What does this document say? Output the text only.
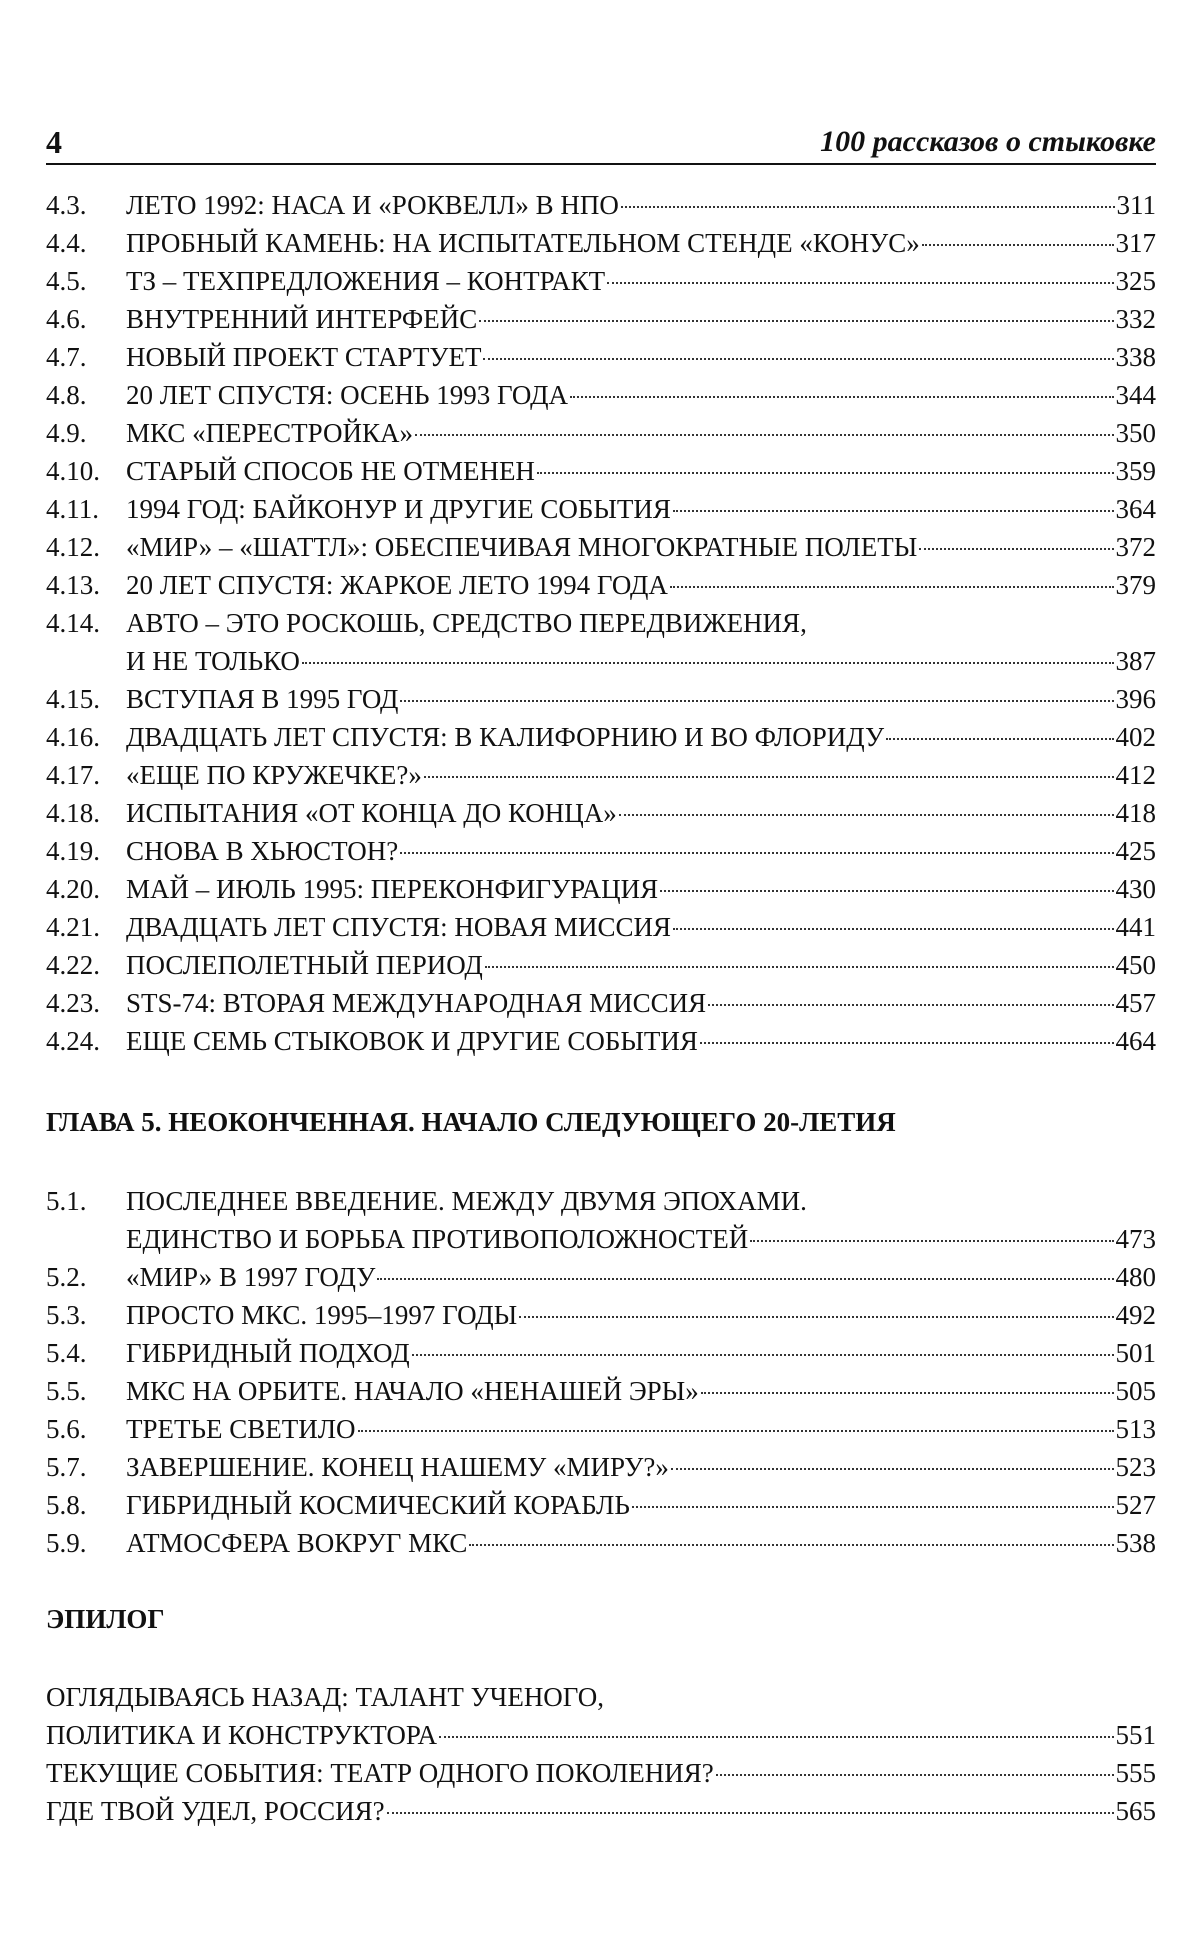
4	100 рассказов о стыковке
4.3. ЛЕТО 1992: НАСА И «РОКВЕЛЛ» В НПО	311
4.4. ПРОБНЫЙ КАМЕНЬ: НА ИСПЫТАТЕЛЬНОМ СТЕНДЕ «КОНУС»	317
4.5. ТЗ – ТЕХПРЕДЛОЖЕНИЯ – КОНТРАКТ	325
4.6. ВНУТРЕННИЙ ИНТЕРФЕЙС	332
4.7. НОВЫЙ ПРОЕКТ СТАРТУЕТ	338
4.8. 20 ЛЕТ СПУСТЯ: ОСЕНЬ 1993 ГОДА	344
4.9. МКС «ПЕРЕСТРОЙКА»	350
4.10. СТАРЫЙ СПОСОБ НЕ ОТМЕНЕН	359
4.11. 1994 ГОД: БАЙКОНУР И ДРУГИЕ СОБЫТИЯ	364
4.12. «МИР» – «ШАТТЛ»: ОБЕСПЕЧИВАЯ МНОГОКРАТНЫЕ ПОЛЕТЫ	372
4.13. 20 ЛЕТ СПУСТЯ: ЖАРКОЕ ЛЕТО 1994 ГОДА	379
4.14. АВТО – ЭТО РОСКОШЬ, СРЕДСТВО ПЕРЕДВИЖЕНИЯ,
И НЕ ТОЛЬКО	387
4.15. ВСТУПАЯ В 1995 ГОД	396
4.16. ДВАДЦАТЬ ЛЕТ СПУСТЯ: В КАЛИФОРНИЮ И ВО ФЛОРИДУ	402
4.17. «ЕЩЕ ПО КРУЖЕЧКЕ?»	412
4.18. ИСПЫТАНИЯ «ОТ КОНЦА ДО КОНЦА»	418
4.19. СНОВА В ХЬЮСТОН?	425
4.20. МАЙ – ИЮЛЬ 1995: ПЕРЕКОНФИГУРАЦИЯ	430
4.21. ДВАДЦАТЬ ЛЕТ СПУСТЯ: НОВАЯ МИССИЯ	441
4.22. ПОСЛЕПОЛЕТНЫЙ ПЕРИОД	450
4.23. STS-74: ВТОРАЯ МЕЖДУНАРОДНАЯ МИССИЯ	457
4.24. ЕЩЕ СЕМЬ СТЫКОВОК И ДРУГИЕ СОБЫТИЯ	464
ГЛАВА 5. НЕОКОНЧЕННАЯ. НАЧАЛО СЛЕДУЮЩЕГО 20-ЛЕТИЯ
5.1. ПОСЛЕДНЕЕ ВВЕДЕНИЕ. МЕЖДУ ДВУМЯ ЭПОХАМИ.
ЕДИНСТВО И БОРЬБА ПРОТИВОПОЛОЖНОСТЕЙ	473
5.2. «МИР» В 1997 ГОДУ	480
5.3. ПРОСТО МКС. 1995–1997 ГОДЫ	492
5.4. ГИБРИДНЫЙ ПОДХОД	501
5.5. МКС НА ОРБИТЕ. НАЧАЛО «НЕНАШЕЙ ЭРЫ»	505
5.6. ТРЕТЬЕ СВЕТИЛО	513
5.7. ЗАВЕРШЕНИЕ. КОНЕЦ НАШЕМУ «МИРУ?»	523
5.8. ГИБРИДНЫЙ КОСМИЧЕСКИЙ КОРАБЛЬ	527
5.9. АТМОСФЕРА ВОКРУГ МКС	538
ЭПИЛОГ
ОГЛЯДЫВАЯСЬ НАЗАД: ТАЛАНТ УЧЕНОГО,
ПОЛИТИКА И КОНСТРУКТОРА	551
ТЕКУЩИЕ СОБЫТИЯ: ТЕАТР ОДНОГО ПОКОЛЕНИЯ?	555
ГДЕ ТВОЙ УДЕЛ, РОССИЯ?	565
